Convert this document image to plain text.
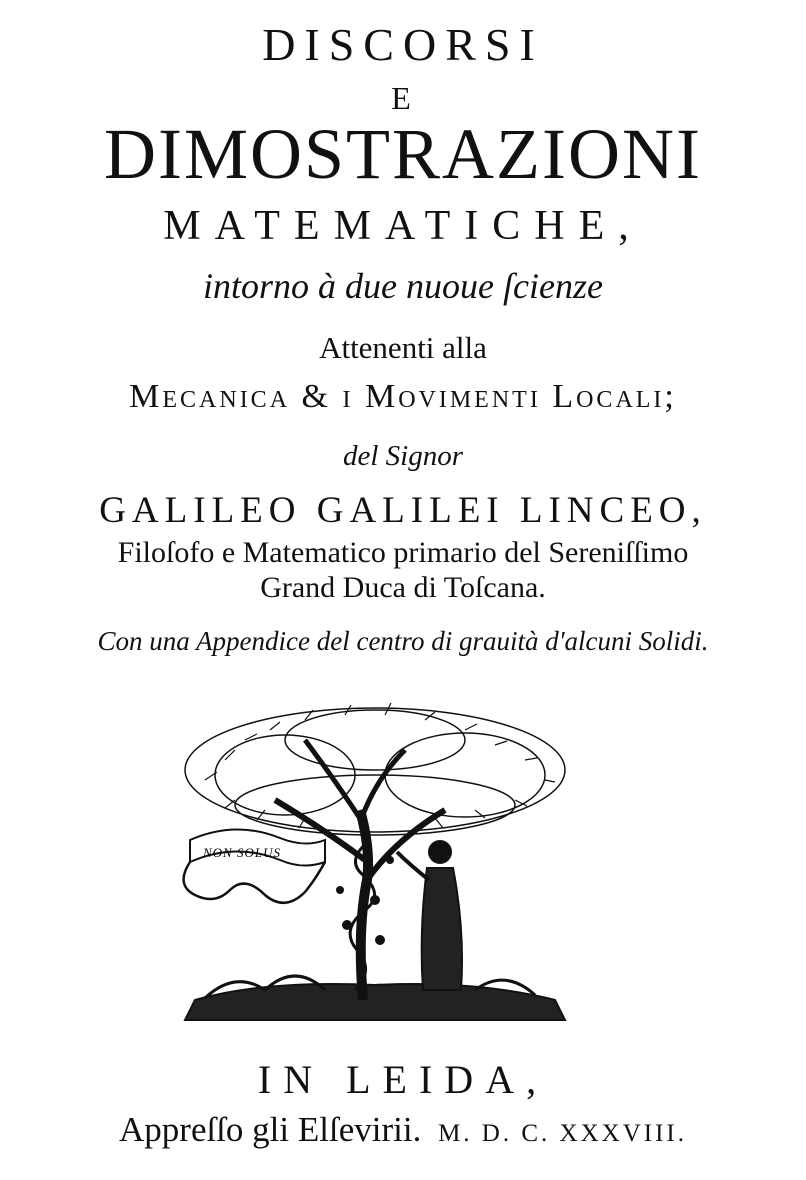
DISCORSI
E
DIMOSTRAZIONI
MATEMATICHE,
intorno à due nuoue ſcienze
Attenenti alla
Mecanica & i Movimenti Locali;
del Signor
GALILEO GALILEI LINCEO,
Filoſofo e Matematico primario del Sereniſſimo
Grand Duca di Toſcana.
Con una Appendice del centro di grauità d'alcuni Solidi.
NON SOLUS
IN LEIDA,
Appreſſo gli Elſevirii. M. D. C. XXXVIII.
